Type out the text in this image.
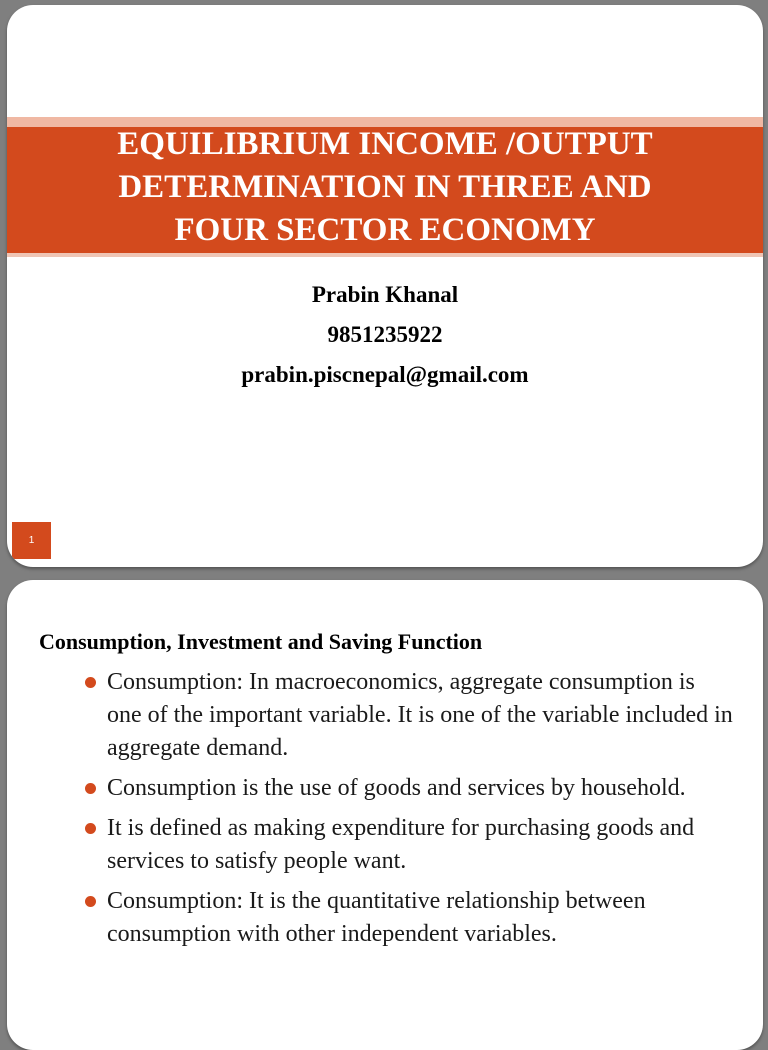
EQUILIBRIUM INCOME /OUTPUT
DETERMINATION IN THREE AND
FOUR SECTOR ECONOMY
Prabin Khanal
9851235922
prabin.piscnepal@gmail.com
1
Consumption, Investment and Saving Function
Consumption: In macroeconomics, aggregate consumption is one of the important variable. It is one of the variable included in aggregate demand.
Consumption is the use of goods and services by household.
It is defined as making expenditure for purchasing goods and services to satisfy people want.
Consumption: It is the quantitative relationship between consumption with other independent variables.
